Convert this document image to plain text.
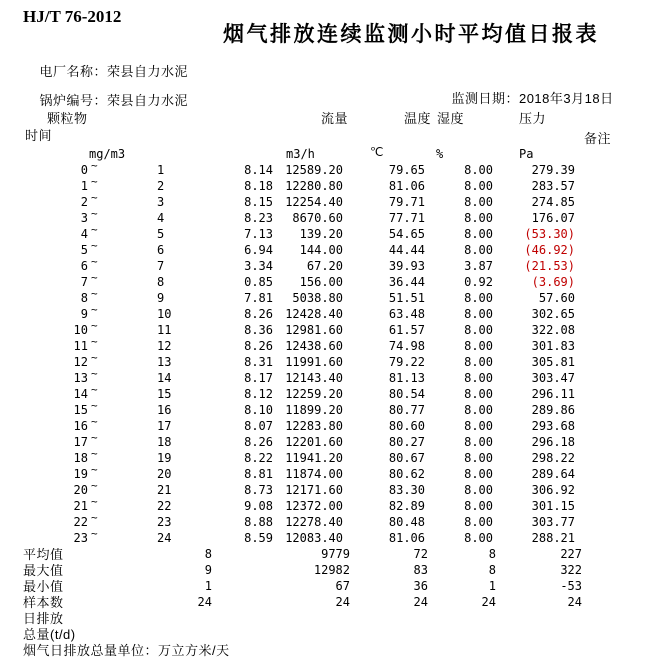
HJ/T 76-2012
烟气排放连续监测小时平均值日报表

电厂名称：荣县自力水泥

锅炉编号：荣县自力水泥
	监测日期：2018年3月18日

颗粒物
时间
流量	温度 湿度	压力
备注
mg/m3	m3/h	℃	%	Pa
0 ~	1	8.14	12589.20	79.65	8.00	279.39
1 ~	2	8.18	12280.80	81.06	8.00	283.57
2 ~	3	8.15	12254.40	79.71	8.00	274.85
3 ~	4	8.23	8670.60	77.71	8.00	176.07
4 ~	5	7.13	139.20	54.65	8.00	(53.30)
5 ~	6	6.94	144.00	44.44	8.00	(46.92)
6 ~	7	3.34	67.20	39.93	3.87	(21.53)
7 ~	8	0.85	156.00	36.44	0.92	(3.69)
8 ~	9	7.81	5038.80	51.51	8.00	57.60
9 ~	10	8.26	12428.40	63.48	8.00	302.65
10 ~	11	8.36	12981.60	61.57	8.00	322.08
11 ~	12	8.26	12438.60	74.98	8.00	301.83
12 ~	13	8.31	11991.60	79.22	8.00	305.81
13 ~	14	8.17	12143.40	81.13	8.00	303.47
14 ~	15	8.12	12259.20	80.54	8.00	296.11
15 ~	16	8.10	11899.20	80.77	8.00	289.86
16 ~	17	8.07	12283.80	80.60	8.00	293.68
17 ~	18	8.26	12201.60	80.27	8.00	296.18
18 ~	19	8.22	11941.20	80.67	8.00	298.22
19 ~	20	8.81	11874.00	80.62	8.00	289.64
20 ~	21	8.73	12171.60	83.30	8.00	306.92
21 ~	22	9.08	12372.00	82.89	8.00	301.15
22 ~	23	8.88	12278.40	80.48	8.00	303.77
23 ~	24	8.59	12083.40	81.06	8.00	288.21
平均值	8	9779	72	8	227
最大值	9	12982	83	8	322
最小值	1	67	36	1	-53
样本数	24	24	24	24	24
日排放
总量(t/d)
烟气日排放总量单位：万立方米/天
